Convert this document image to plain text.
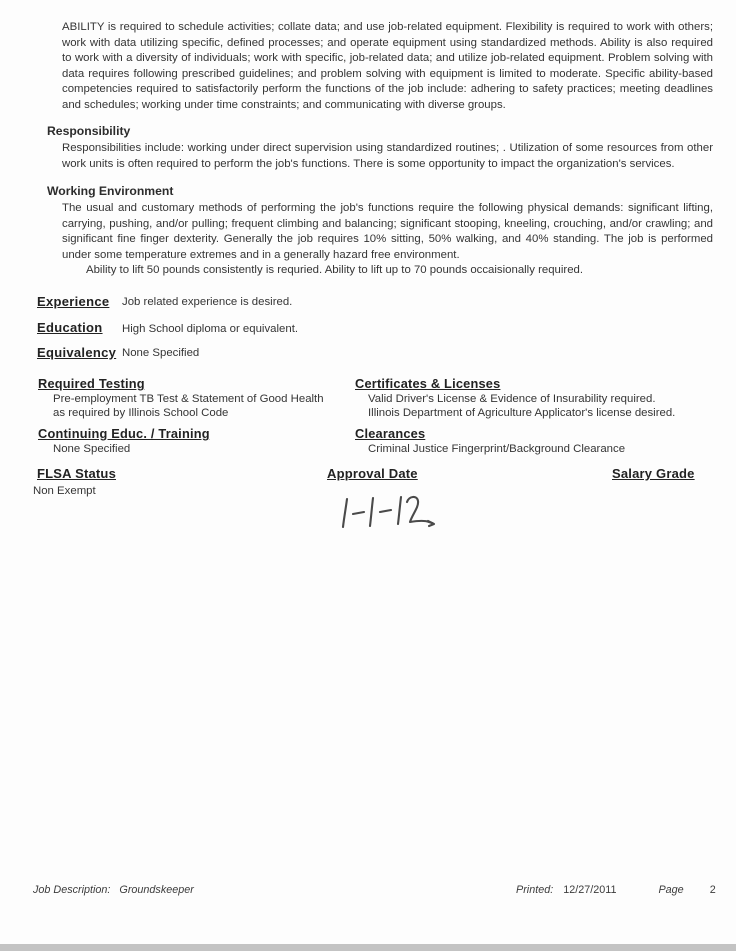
ABILITY is required to schedule activities; collate data; and use job-related equipment. Flexibility is required to work with others; work with data utilizing specific, defined processes; and operate equipment using standardized methods. Ability is also required to work with a diversity of individuals; work with specific, job-related data; and utilize job-related equipment. Problem solving with data requires following prescribed guidelines; and problem solving with equipment is limited to moderate. Specific ability-based competencies required to satisfactorily perform the functions of the job include: adhering to safety practices; meeting deadlines and schedules; working under time constraints; and communicating with diverse groups.
Responsibility
Responsibilities include: working under direct supervision using standardized routines; . Utilization of some resources from other work units is often required to perform the job's functions. There is some opportunity to impact the organization's services.
Working Environment
The usual and customary methods of performing the job's functions require the following physical demands: significant lifting, carrying, pushing, and/or pulling; frequent climbing and balancing; significant stooping, kneeling, crouching, and/or crawling; and significant fine finger dexterity. Generally the job requires 10% sitting, 50% walking, and 40% standing. The job is performed under some temperature extremes and in a generally hazard free environment.
Ability to lift 50 pounds consistently is requried. Ability to lift up to 70 pounds occaisionally required.
Experience Job related experience is desired.
Education High School diploma or equivalent.
Equivalency None Specified
Required Testing
Pre-employment TB Test & Statement of Good Health
as required by Illinois School Code
Certificates & Licenses
Valid Driver's License & Evidence of Insurability required.
Illinois Department of Agriculture Applicator's license desired.
Continuing Educ. / Training
None Specified
Clearances
Criminal Justice Fingerprint/Background Clearance
FLSA Status
Non Exempt
Approval Date	Salary Grade
Job Description: Groundskeeper	Printed: 12/27/2011	Page 2
